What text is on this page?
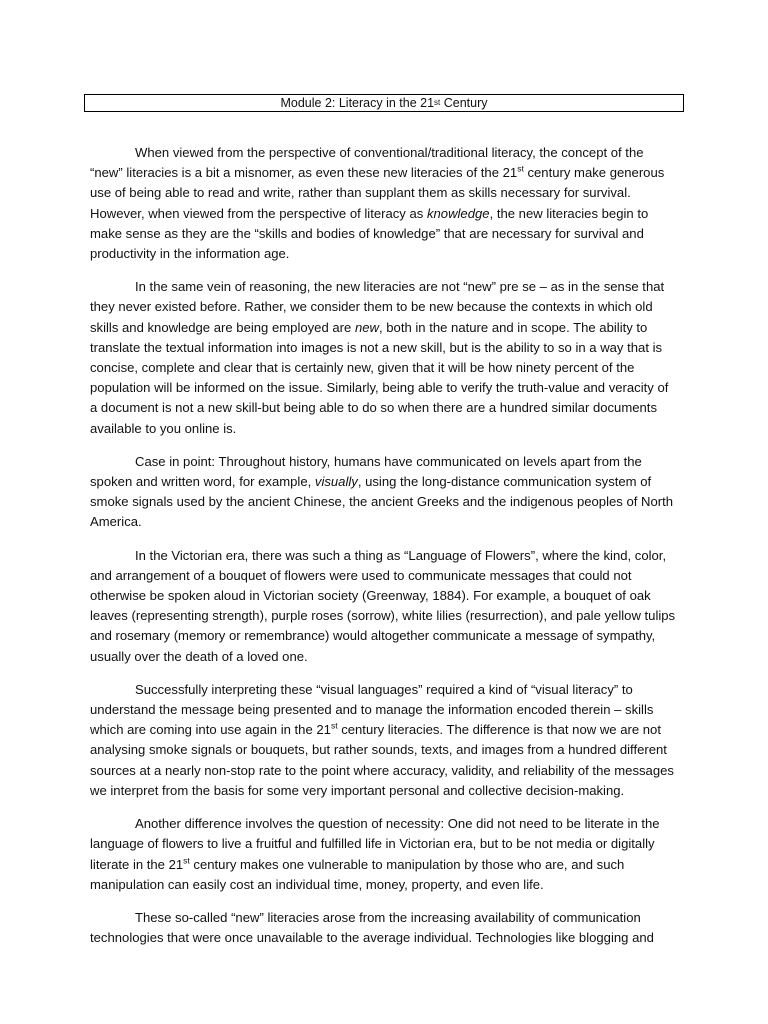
Module 2: Literacy in the 21 st Century

When viewed from the perspective of conventional/traditional literacy, the concept of the “new” literacies is a bit a misnomer, as even these new literacies of the 21st century make generous use of being able to read and write, rather than supplant them as skills necessary for survival. However, when viewed from the perspective of literacy as knowledge, the new literacies begin to make sense as they are the “skills and bodies of knowledge” that are necessary for survival and productivity in the information age.

In the same vein of reasoning, the new literacies are not “new” pre se – as in the sense that they never existed before. Rather, we consider them to be new because the contexts in which old skills and knowledge are being employed are new, both in the nature and in scope. The ability to translate the textual information into images is not a new skill, but is the ability to so in a way that is concise, complete and clear that is certainly new, given that it will be how ninety percent of the population will be informed on the issue. Similarly, being able to verify the truth-value and veracity of a document is not a new skill-but being able to do so when there are a hundred similar documents available to you online is.

Case in point: Throughout history, humans have communicated on levels apart from the spoken and written word, for example, visually, using the long-distance communication system of smoke signals used by the ancient Chinese, the ancient Greeks and the indigenous peoples of North America.

In the Victorian era, there was such a thing as “Language of Flowers”, where the kind, color, and arrangement of a bouquet of flowers were used to communicate messages that could not otherwise be spoken aloud in Victorian society (Greenway, 1884). For example, a bouquet of oak leaves (representing strength), purple roses (sorrow), white lilies (resurrection), and pale yellow tulips and rosemary (memory or remembrance) would altogether communicate a message of sympathy, usually over the death of a loved one.

Successfully interpreting these “visual languages” required a kind of “visual literacy” to understand the message being presented and to manage the information encoded therein – skills which are coming into use again in the 21st century literacies. The difference is that now we are not analysing smoke signals or bouquets, but rather sounds, texts, and images from a hundred different sources at a nearly non-stop rate to the point where accuracy, validity, and reliability of the messages we interpret from the basis for some very important personal and collective decision-making.

Another difference involves the question of necessity: One did not need to be literate in the language of flowers to live a fruitful and fulfilled life in Victorian era, but to be not media or digitally literate in the 21st century makes one vulnerable to manipulation by those who are, and such manipulation can easily cost an individual time, money, property, and even life.

These so-called “new” literacies arose from the increasing availability of communication technologies that were once unavailable to the average individual. Technologies like blogging and
